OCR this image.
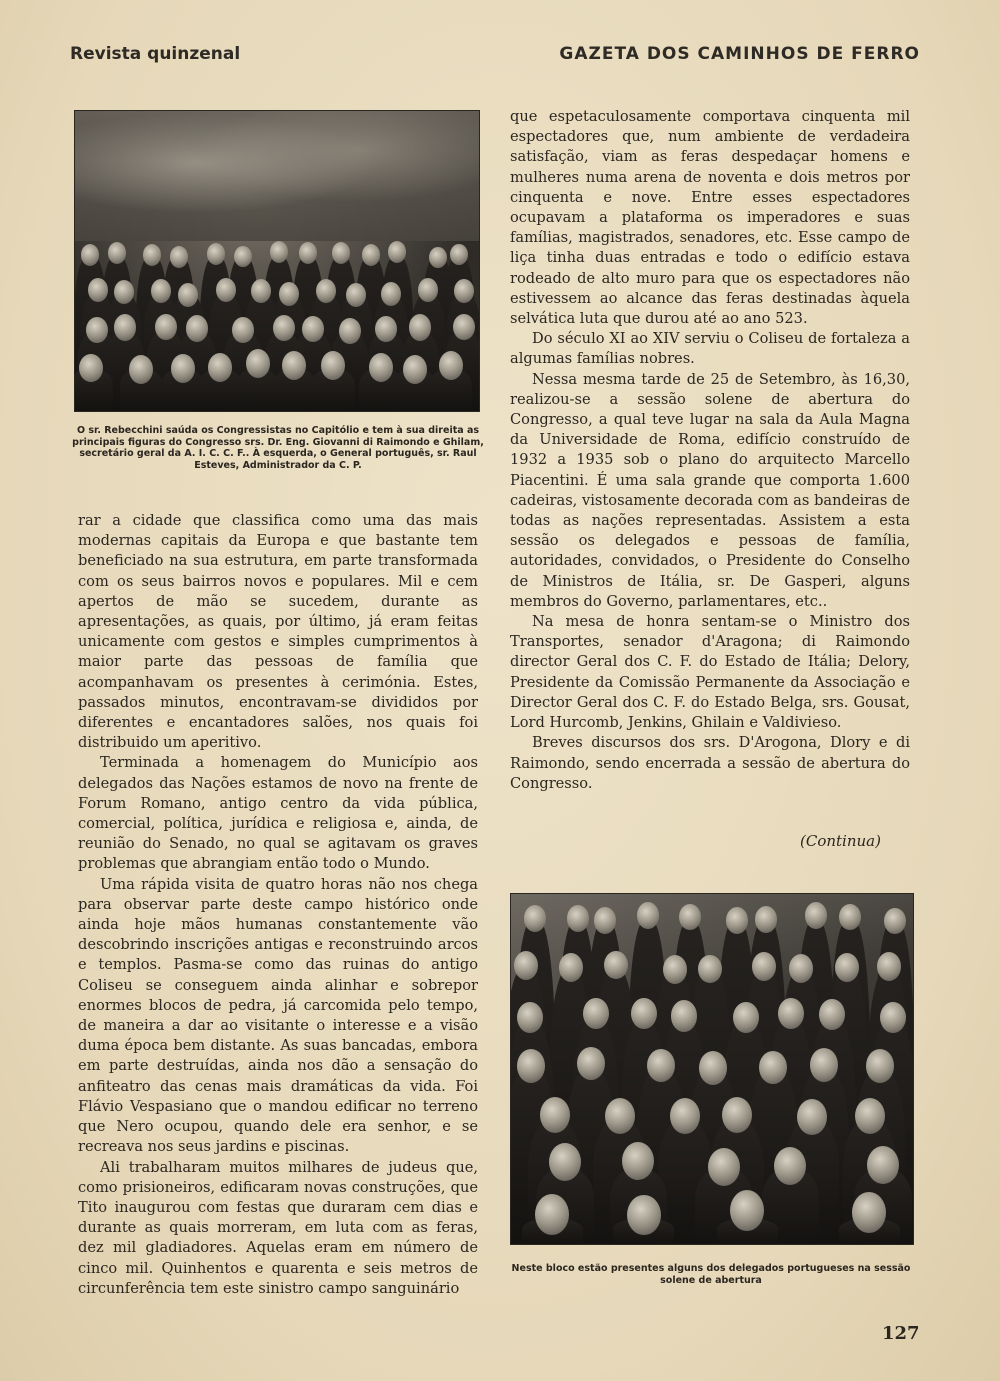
Revista quinzenal	GAZETA DOS CAMINHOS DE FERRO
O sr. Rebecchini saúda os Congressistas no Capitólio e tem à sua direita as principais figuras do Congresso srs. Dr. Eng. Giovanni di Raimondo e Ghilam, secretário geral da A. I. C. C. F.. À esquerda, o General português, sr. Raul Esteves, Administrador da C. P.

rar a cidade que classifica como uma das mais modernas capitais da Europa e que bastante tem beneficiado na sua estrutura, em parte transformada com os seus bairros novos e populares. Mil e cem apertos de mão se sucedem, durante as apresentações, as quais, por último, já eram feitas unicamente com gestos e simples cumprimentos à maior parte das pessoas de família que acompanhavam os presentes à cerimónia. Estes, passados minutos, encontravam-se divididos por diferentes e encantadores salões, nos quais foi distribuido um aperitivo.

Terminada a homenagem do Município aos delegados das Nações estamos de novo na frente de Forum Romano, antigo centro da vida pública, comercial, política, jurídica e religiosa e, ainda, de reunião do Senado, no qual se agitavam os graves problemas que abrangiam então todo o Mundo.

Uma rápida visita de quatro horas não nos chega para observar parte deste campo histórico onde ainda hoje mãos humanas constantemente vão descobrindo inscrições antigas e reconstruindo arcos e templos. Pasma-se como das ruinas do antigo Coliseu se conseguem ainda alinhar e sobrepor enormes blocos de pedra, já carcomida pelo tempo, de maneira a dar ao visitante o interesse e a visão duma época bem distante. As suas bancadas, embora em parte destruídas, ainda nos dão a sensação do anfiteatro das cenas mais dramáticas da vida. Foi Flávio Vespasiano que o mandou edificar no terreno que Nero ocupou, quando dele era senhor, e se recreava nos seus jardins e piscinas.

Ali trabalharam muitos milhares de judeus que, como prisioneiros, edificaram novas construções, que Tito inaugurou com festas que duraram cem dias e durante as quais morreram, em luta com as feras, dez mil gladiadores. Aquelas eram em número de cinco mil. Quinhentos e quarenta e seis metros de circunferência tem este sinistro campo sanguinário

que espetaculosamente comportava cinquenta mil espectadores que, num ambiente de verdadeira satisfação, viam as feras despedaçar homens e mulheres numa arena de noventa e dois metros por cinquenta e nove. Entre esses espectadores ocupavam a plataforma os imperadores e suas famílias, magistrados, senadores, etc. Esse campo de liça tinha duas entradas e todo o edifício estava rodeado de alto muro para que os espectadores não estivessem ao alcance das feras destinadas àquela selvática luta que durou até ao ano 523.

Do século XI ao XIV serviu o Coliseu de fortaleza a algumas famílias nobres.

Nessa mesma tarde de 25 de Setembro, às 16,30, realizou-se a sessão solene de abertura do Congresso, a qual teve lugar na sala da Aula Magna da Universidade de Roma, edifício construído de 1932 a 1935 sob o plano do arquitecto Marcello Piacentini. É uma sala grande que comporta 1.600 cadeiras, vistosamente decorada com as bandeiras de todas as nações representadas. Assistem a esta sessão os delegados e pessoas de família, autoridades, convidados, o Presidente do Conselho de Ministros de Itália, sr. De Gasperi, alguns membros do Governo, parlamentares, etc..

Na mesa de honra sentam-se o Ministro dos Transportes, senador d'Aragona; di Raimondo director Geral dos C. F. do Estado de Itália; Delory, Presidente da Comissão Permanente da Associação e Director Geral dos C. F. do Estado Belga, srs. Gousat, Lord Hurcomb, Jenkins, Ghilain e Valdivieso.

Breves discursos dos srs. D'Arogona, Dlory e di Raimondo, sendo encerrada a sessão de abertura do Congresso.

(Continua)
Neste bloco estão presentes alguns dos delegados portugueses na sessão solene de abertura
127
